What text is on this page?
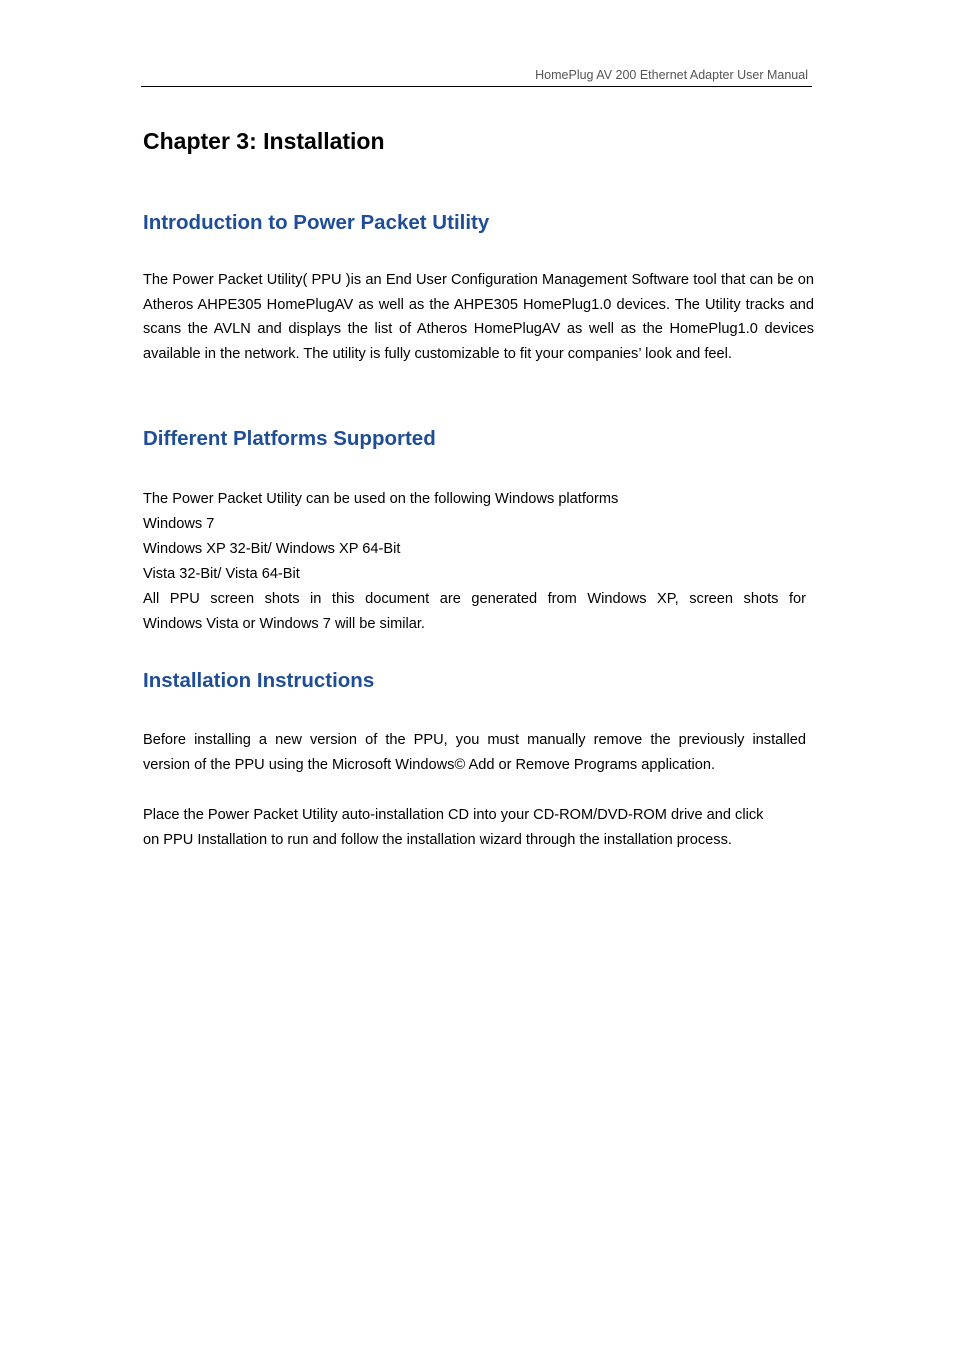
HomePlug AV 200 Ethernet Adapter User Manual
Chapter 3: Installation
Introduction to Power Packet Utility

The Power Packet Utility( PPU )is an End User Configuration Management Software tool that can be on Atheros AHPE305 HomePlugAV as well as the AHPE305 HomePlug1.0 devices. The Utility tracks and scans the AVLN and displays the list of Atheros HomePlugAV as well as the HomePlug1.0 devices available in the network. The utility is fully customizable to fit your companies’ look and feel.

Different Platforms Supported

The Power Packet Utility can be used on the following Windows platforms

Windows 7

Windows XP 32-Bit/ Windows XP 64-Bit

Vista 32-Bit/ Vista 64-Bit

All PPU screen shots in this document are generated from Windows XP, screen shots for

Windows Vista or Windows 7 will be similar.

Installation Instructions

Before installing a new version of the PPU, you must manually remove the previously installed

version of the PPU using the Microsoft Windows© Add or Remove Programs application.

Place the Power Packet Utility auto-installation CD into your CD-ROM/DVD-ROM drive and click

on PPU Installation to run and follow the installation wizard through the installation process.
